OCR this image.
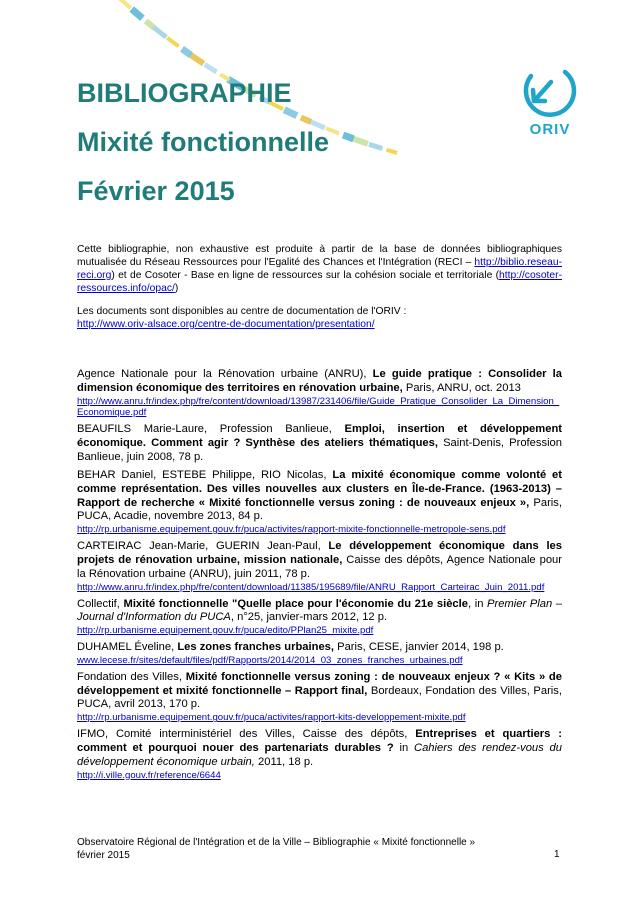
BIBLIOGRAPHIE
Mixité fonctionnelle
Février 2015
ORIV

Cette bibliographie, non exhaustive est produite à partir de la base de données bibliographiques mutualisée du Réseau Ressources pour l'Egalité des Chances et l'Intégration (RECI – http://biblio.reseau-reci.org) et de Cosoter - Base en ligne de ressources sur la cohésion sociale et territoriale (http://cosoter-ressources.info/opac/)

Les documents sont disponibles au centre de documentation de l'ORIV :
http://www.oriv-alsace.org/centre-de-documentation/presentation/

Agence Nationale pour la Rénovation urbaine (ANRU), Le guide pratique : Consolider la dimension économique des territoires en rénovation urbaine, Paris, ANRU, oct. 2013
http://www.anru.fr/index.php/fre/content/download/13987/231406/file/Guide_Pratique_Consolider_La_Dimension_Economique.pdf

BEAUFILS Marie-Laure, Profession Banlieue, Emploi, insertion et développement économique. Comment agir ? Synthèse des ateliers thématiques, Saint-Denis, Profession Banlieue, juin 2008, 78 p.

BEHAR Daniel, ESTEBE Philippe, RIO Nicolas, La mixité économique comme volonté et comme représentation. Des villes nouvelles aux clusters en Île-de-France. (1963-2013) – Rapport de recherche « Mixité fonctionnelle versus zoning : de nouveaux enjeux », Paris, PUCA, Acadie, novembre 2013, 84 p.
http://rp.urbanisme.equipement.gouv.fr/puca/activites/rapport-mixite-fonctionnelle-metropole-sens.pdf

CARTEIRAC Jean-Marie, GUERIN Jean-Paul, Le développement économique dans les projets de rénovation urbaine, mission nationale, Caisse des dépôts, Agence Nationale pour la Rénovation urbaine (ANRU), juin 2011, 78 p.
http://www.anru.fr/index.php/fre/content/download/11385/195689/file/ANRU_Rapport_Carteirac_Juin_2011.pdf

Collectif, Mixité fonctionnelle "Quelle place pour l'économie du 21e siècle, in Premier Plan – Journal d'Information du PUCA, n°25, janvier-mars 2012, 12 p.
http://rp.urbanisme.equipement.gouv.fr/puca/edito/PPlan25_mixite.pdf

DUHAMEL Éveline, Les zones franches urbaines, Paris, CESE, janvier 2014, 198 p.
www.lecese.fr/sites/default/files/pdf/Rapports/2014/2014_03_zones_franches_urbaines.pdf

Fondation des Villes, Mixité fonctionnelle versus zoning : de nouveaux enjeux ? « Kits » de développement et mixité fonctionnelle – Rapport final, Bordeaux, Fondation des Villes, Paris, PUCA, avril 2013, 170 p.
http://rp.urbanisme.equipement.gouv.fr/puca/activites/rapport-kits-developpement-mixite.pdf

IFMO, Comité interministériel des Villes, Caisse des dépôts, Entreprises et quartiers : comment et pourquoi nouer des partenariats durables ? in Cahiers des rendez-vous du développement économique urbain, 2011, 18 p.
http://i.ville.gouv.fr/reference/6644

Observatoire Régional de l'Intégration et de la Ville – Bibliographie « Mixité fonctionnelle »
février 2015	1
